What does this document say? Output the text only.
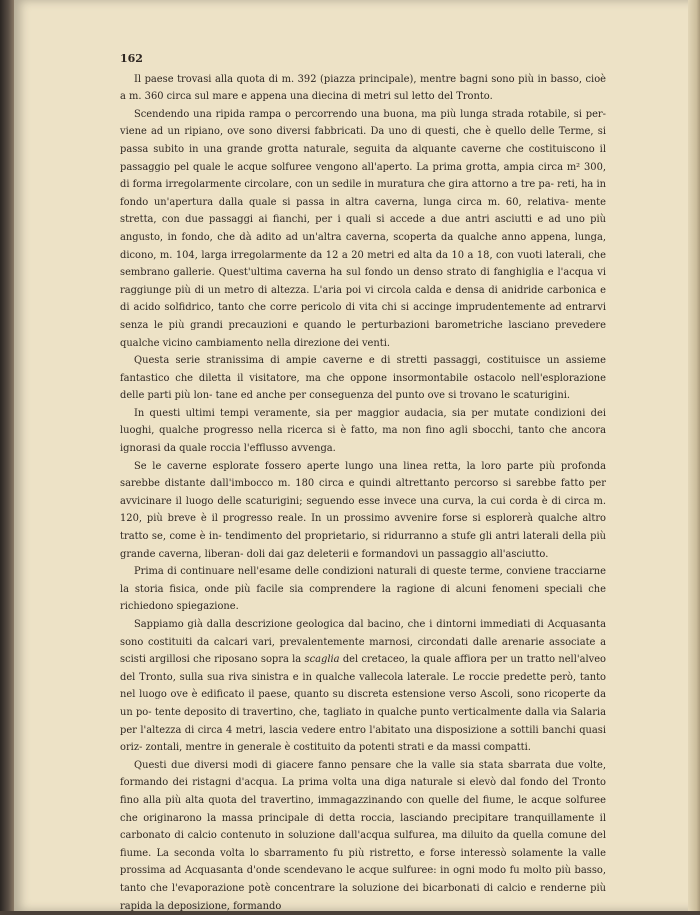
162

Il paese trovasi alla quota di m. 392 (piazza principale), mentre bagni sono più in basso, cioè a m. 360 circa sul mare e appena una diecina di metri sul letto del Tronto.

Scendendo una ripida rampa o percorrendo una buona, ma più lunga strada rotabile, si per- viene ad un ripiano, ove sono diversi fabbricati. Da uno di questi, che è quello delle Terme, si passa subito in una grande grotta naturale, seguita da alquante caverne che costituiscono il passaggio pel quale le acque solfuree vengono all'aperto. La prima grotta, ampia circa m² 300, di forma irregolarmente circolare, con un sedile in muratura che gira attorno a tre pa- reti, ha in fondo un'apertura dalla quale si passa in altra caverna, lunga circa m. 60, relativa- mente stretta, con due passaggi ai fianchi, per i quali si accede a due antri asciutti e ad uno più angusto, in fondo, che dà adito ad un'altra caverna, scoperta da qualche anno appena, lunga, dicono, m. 104, larga irregolarmente da 12 a 20 metri ed alta da 10 a 18, con vuoti laterali, che sembrano gallerie. Quest'ultima caverna ha sul fondo un denso strato di fanghiglia e l'acqua vi raggiunge più di un metro di altezza. L'aria poi vi circola calda e densa di anidride carbonica e di acido solfidrico, tanto che corre pericolo di vita chi si accinge imprudentemente ad entrarvi senza le più grandi precauzioni e quando le perturbazioni barometriche lasciano prevedere qualche vicino cambiamento nella direzione dei venti.

Questa serie stranissima di ampie caverne e di stretti passaggi, costituisce un assieme fantastico che diletta il visitatore, ma che oppone insormontabile ostacolo nell'esplorazione delle parti più lon- tane ed anche per conseguenza del punto ove si trovano le scaturigini.

In questi ultimi tempi veramente, sia per maggior audacia, sia per mutate condizioni dei luoghi, qualche progresso nella ricerca si è fatto, ma non fino agli sbocchi, tanto che ancora ignorasi da quale roccia l'efflusso avvenga.

Se le caverne esplorate fossero aperte lungo una linea retta, la loro parte più profonda sarebbe distante dall'imbocco m. 180 circa e quindi altrettanto percorso si sarebbe fatto per avvicinare il luogo delle scaturigini; seguendo esse invece una curva, la cui corda è di circa m. 120, più breve è il progresso reale. In un prossimo avvenire forse si esplorerà qualche altro tratto se, come è in- tendimento del proprietario, si ridurranno a stufe gli antri laterali della più grande caverna, liberan- doli dai gaz deleterii e formandovi un passaggio all'asciutto.

Prima di continuare nell'esame delle condizioni naturali di queste terme, conviene tracciarne la storia fisica, onde più facile sia comprendere la ragione di alcuni fenomeni speciali che richiedono spiegazione.

Sappiamo già dalla descrizione geologica dal bacino, che i dintorni immediati di Acquasanta sono costituiti da calcari vari, prevalentemente marnosi, circondati dalle arenarie associate a scisti argillosi che riposano sopra la scaglia del cretaceo, la quale affiora per un tratto nell'alveo del Tronto, sulla sua riva sinistra e in qualche vallecola laterale. Le roccie predette però, tanto nel luogo ove è edificato il paese, quanto su discreta estensione verso Ascoli, sono ricoperte da un po- tente deposito di travertino, che, tagliato in qualche punto verticalmente dalla via Salaria per l'altezza di circa 4 metri, lascia vedere entro l'abitato una disposizione a sottili banchi quasi oriz- zontali, mentre in generale è costituito da potenti strati e da massi compatti.

Questi due diversi modi di giacere fanno pensare che la valle sia stata sbarrata due volte, formando dei ristagni d'acqua. La prima volta una diga naturale si elevò dal fondo del Tronto fino alla più alta quota del travertino, immagazzinando con quelle del fiume, le acque solfuree che originarono la massa principale di detta roccia, lasciando precipitare tranquillamente il carbonato di calcio contenuto in soluzione dall'acqua sulfurea, ma diluito da quella comune del fiume. La seconda volta lo sbarramento fu più ristretto, e forse interessò solamente la valle prossima ad Acquasanta d'onde scendevano le acque sulfuree: in ogni modo fu molto più basso, tanto che l'evaporazione potè concentrare la soluzione dei bicarbonati di calcio e renderne più rapida la deposizione, formando
